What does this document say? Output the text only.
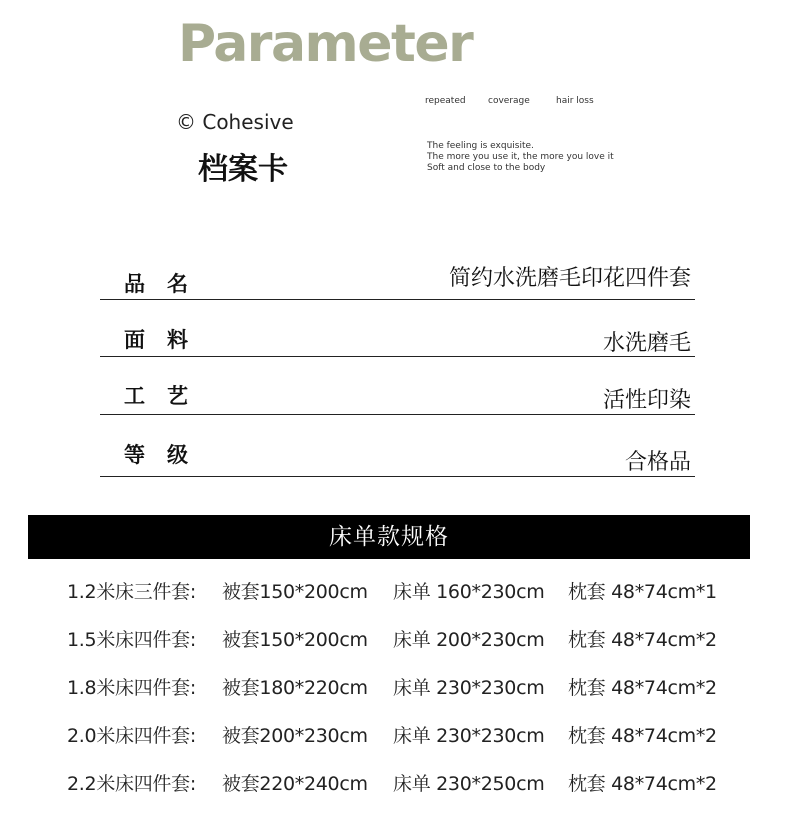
Parameter
© Cohesive
档案卡
repeated coverage	hair loss
The feeling is exquisite.
The more you use it, the more you love it
Soft and close to the body
品名	简约水洗磨毛印花四件套
面料	水洗磨毛
工艺	活性印染
等级	合格品
床单款规格
1.2米床三件套: 被套150*200cm 床单 160*230cm 枕套 48*74cm*1
1.5米床四件套: 被套150*200cm 床单 200*230cm 枕套 48*74cm*2
1.8米床四件套: 被套180*220cm 床单 230*230cm 枕套 48*74cm*2
2.0米床四件套: 被套200*230cm 床单 230*230cm 枕套 48*74cm*2
2.2米床四件套: 被套220*240cm 床单 230*250cm 枕套 48*74cm*2
